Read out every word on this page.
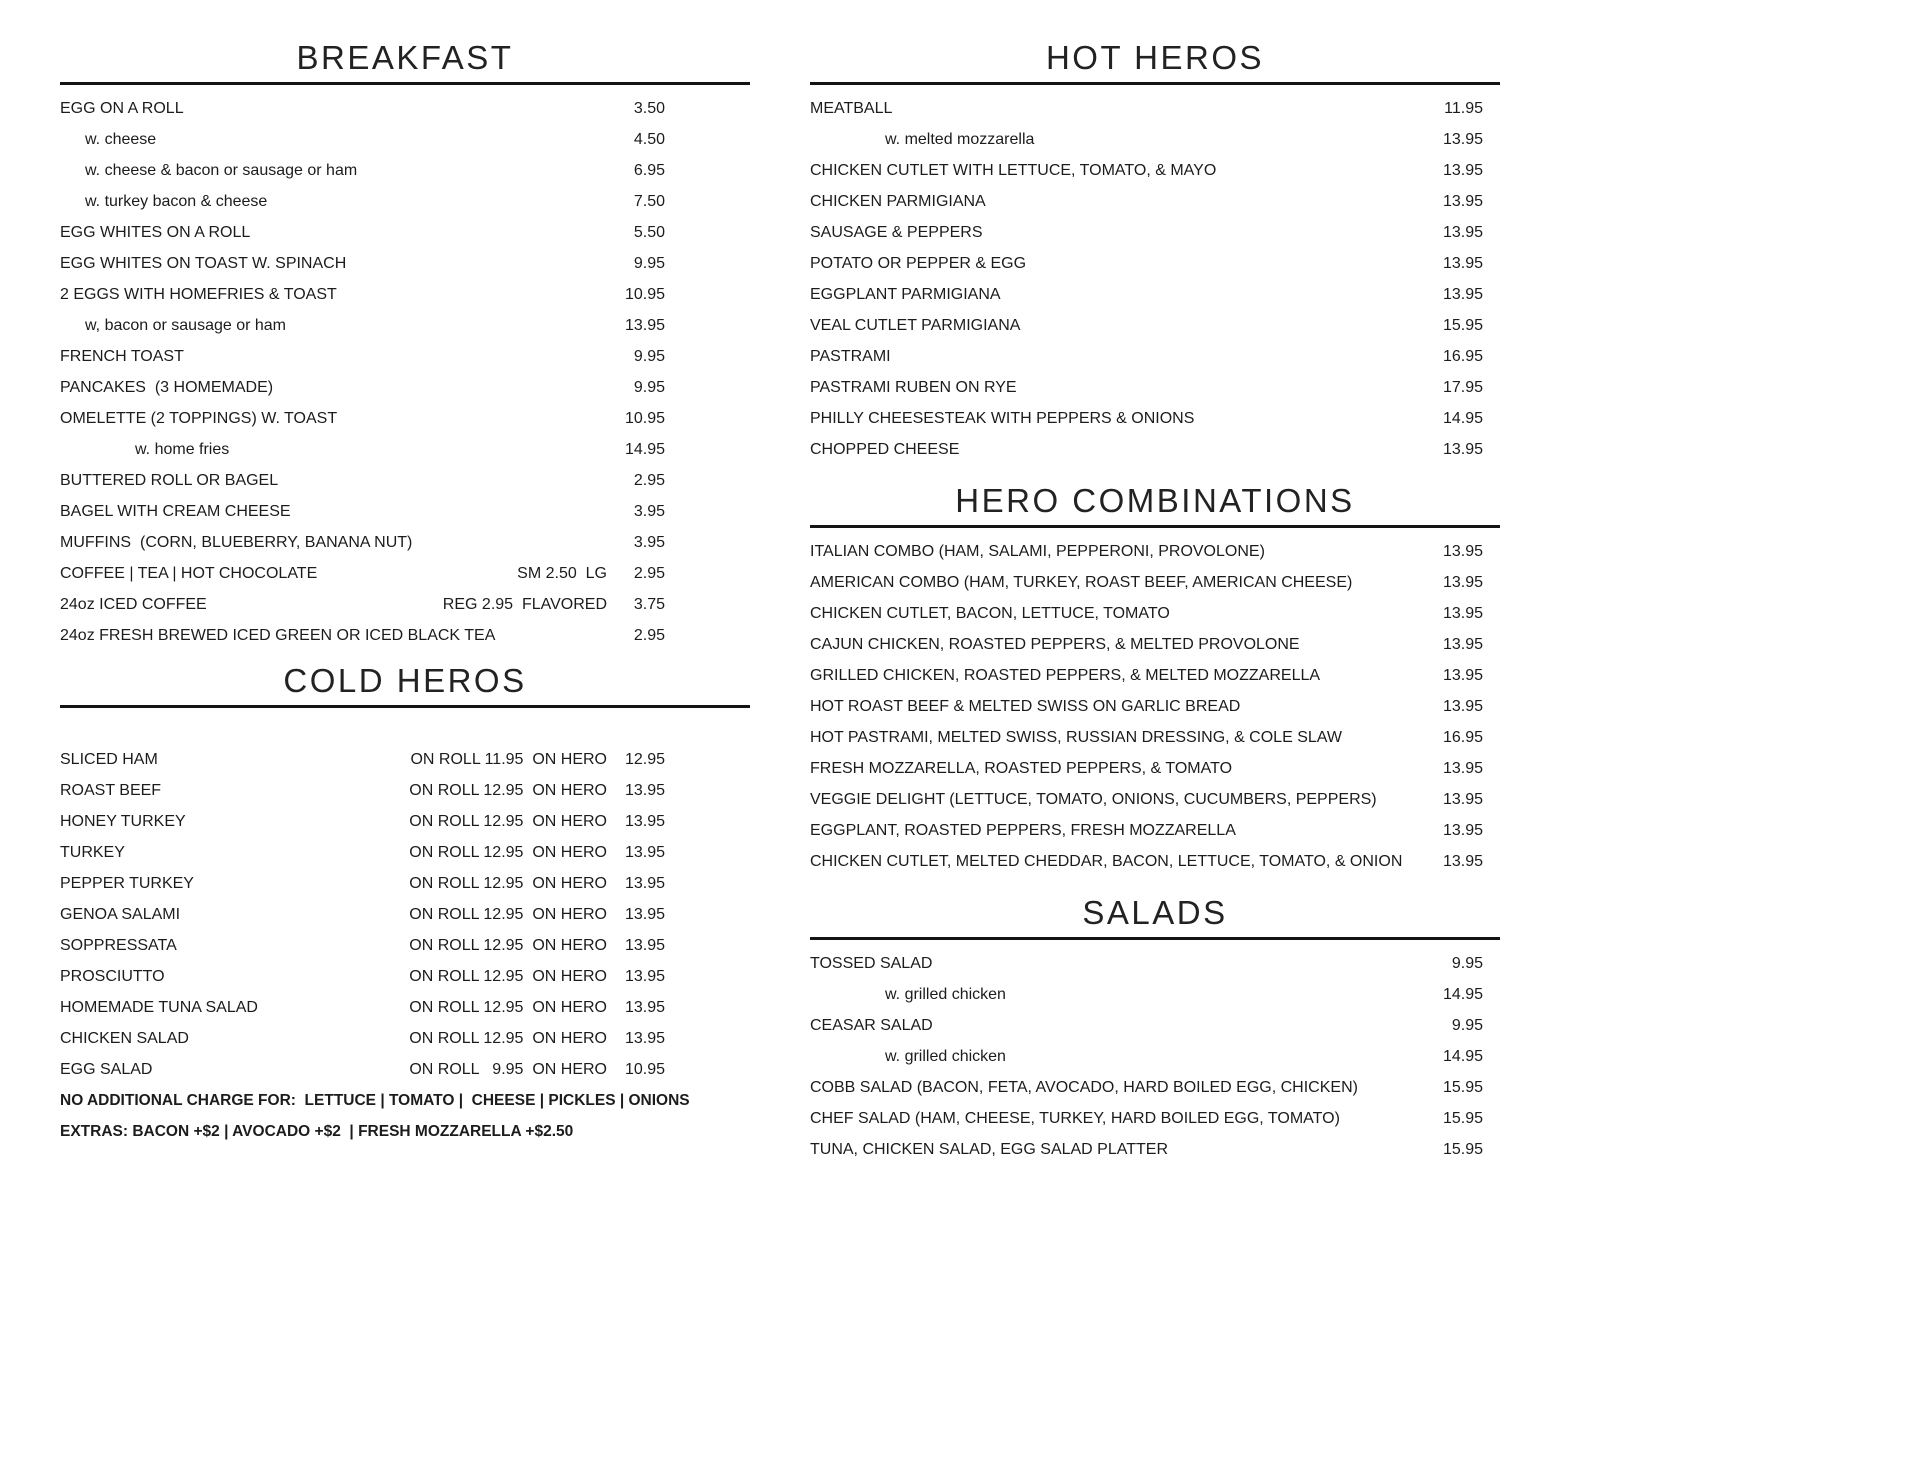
BREAKFAST
EGG ON A ROLL	3.50
w. cheese	4.50
w. cheese & bacon or sausage or ham	6.95
w. turkey bacon & cheese	7.50
EGG WHITES ON A ROLL	5.50
EGG WHITES ON TOAST W. SPINACH	9.95
2 EGGS WITH HOMEFRIES & TOAST	10.95
w, bacon or sausage or ham	13.95
FRENCH TOAST	9.95
PANCAKES  (3 HOMEMADE)	9.95
OMELETTE (2 TOPPINGS) W. TOAST	10.95
w. home fries	14.95
BUTTERED ROLL OR BAGEL	2.95
BAGEL WITH CREAM CHEESE	3.95
MUFFINS  (CORN, BLUEBERRY, BANANA NUT)	3.95
COFFEE | TEA | HOT CHOCOLATE	SM 2.50  LG	2.95
24oz ICED COFFEE	REG 2.95  FLAVORED	3.75
24oz FRESH BREWED ICED GREEN OR ICED BLACK TEA	2.95
COLD HEROS
SLICED HAM	ON ROLL 11.95  ON HERO	12.95
ROAST BEEF	ON ROLL 12.95  ON HERO	13.95
HONEY TURKEY	ON ROLL 12.95  ON HERO	13.95
TURKEY	ON ROLL 12.95  ON HERO	13.95
PEPPER TURKEY	ON ROLL 12.95  ON HERO	13.95
GENOA SALAMI	ON ROLL 12.95  ON HERO	13.95
SOPPRESSATA	ON ROLL 12.95  ON HERO	13.95
PROSCIUTTO	ON ROLL 12.95  ON HERO	13.95
HOMEMADE TUNA SALAD	ON ROLL 12.95  ON HERO	13.95
CHICKEN SALAD	ON ROLL 12.95  ON HERO	13.95
EGG SALAD	ON ROLL   9.95  ON HERO	10.95
NO ADDITIONAL CHARGE FOR:  LETTUCE | TOMATO |  CHEESE | PICKLES | ONIONS
EXTRAS: BACON +$2 | AVOCADO +$2  | FRESH MOZZARELLA +$2.50
HOT HEROS
MEATBALL	11.95
w. melted mozzarella	13.95
CHICKEN CUTLET WITH LETTUCE, TOMATO, & MAYO	13.95
CHICKEN PARMIGIANA	13.95
SAUSAGE & PEPPERS	13.95
POTATO OR PEPPER & EGG	13.95
EGGPLANT PARMIGIANA	13.95
VEAL CUTLET PARMIGIANA	15.95
PASTRAMI	16.95
PASTRAMI RUBEN ON RYE	17.95
PHILLY CHEESESTEAK WITH PEPPERS & ONIONS	14.95
CHOPPED CHEESE	13.95
HERO COMBINATIONS
ITALIAN COMBO (HAM, SALAMI, PEPPERONI, PROVOLONE)	13.95
AMERICAN COMBO (HAM, TURKEY, ROAST BEEF, AMERICAN CHEESE)	13.95
CHICKEN CUTLET, BACON, LETTUCE, TOMATO	13.95
CAJUN CHICKEN, ROASTED PEPPERS, & MELTED PROVOLONE	13.95
GRILLED CHICKEN, ROASTED PEPPERS, & MELTED MOZZARELLA	13.95
HOT ROAST BEEF & MELTED SWISS ON GARLIC BREAD	13.95
HOT PASTRAMI, MELTED SWISS, RUSSIAN DRESSING, & COLE SLAW	16.95
FRESH MOZZARELLA, ROASTED PEPPERS, & TOMATO	13.95
VEGGIE DELIGHT (LETTUCE, TOMATO, ONIONS, CUCUMBERS, PEPPERS)	13.95
EGGPLANT, ROASTED PEPPERS, FRESH MOZZARELLA	13.95
CHICKEN CUTLET, MELTED CHEDDAR, BACON, LETTUCE, TOMATO, & ONION	13.95
SALADS
TOSSED SALAD	9.95
w. grilled chicken	14.95
CEASAR SALAD	9.95
w. grilled chicken	14.95
COBB SALAD (BACON, FETA, AVOCADO, HARD BOILED EGG, CHICKEN)	15.95
CHEF SALAD (HAM, CHEESE, TURKEY, HARD BOILED EGG, TOMATO)	15.95
TUNA, CHICKEN SALAD, EGG SALAD PLATTER	15.95
